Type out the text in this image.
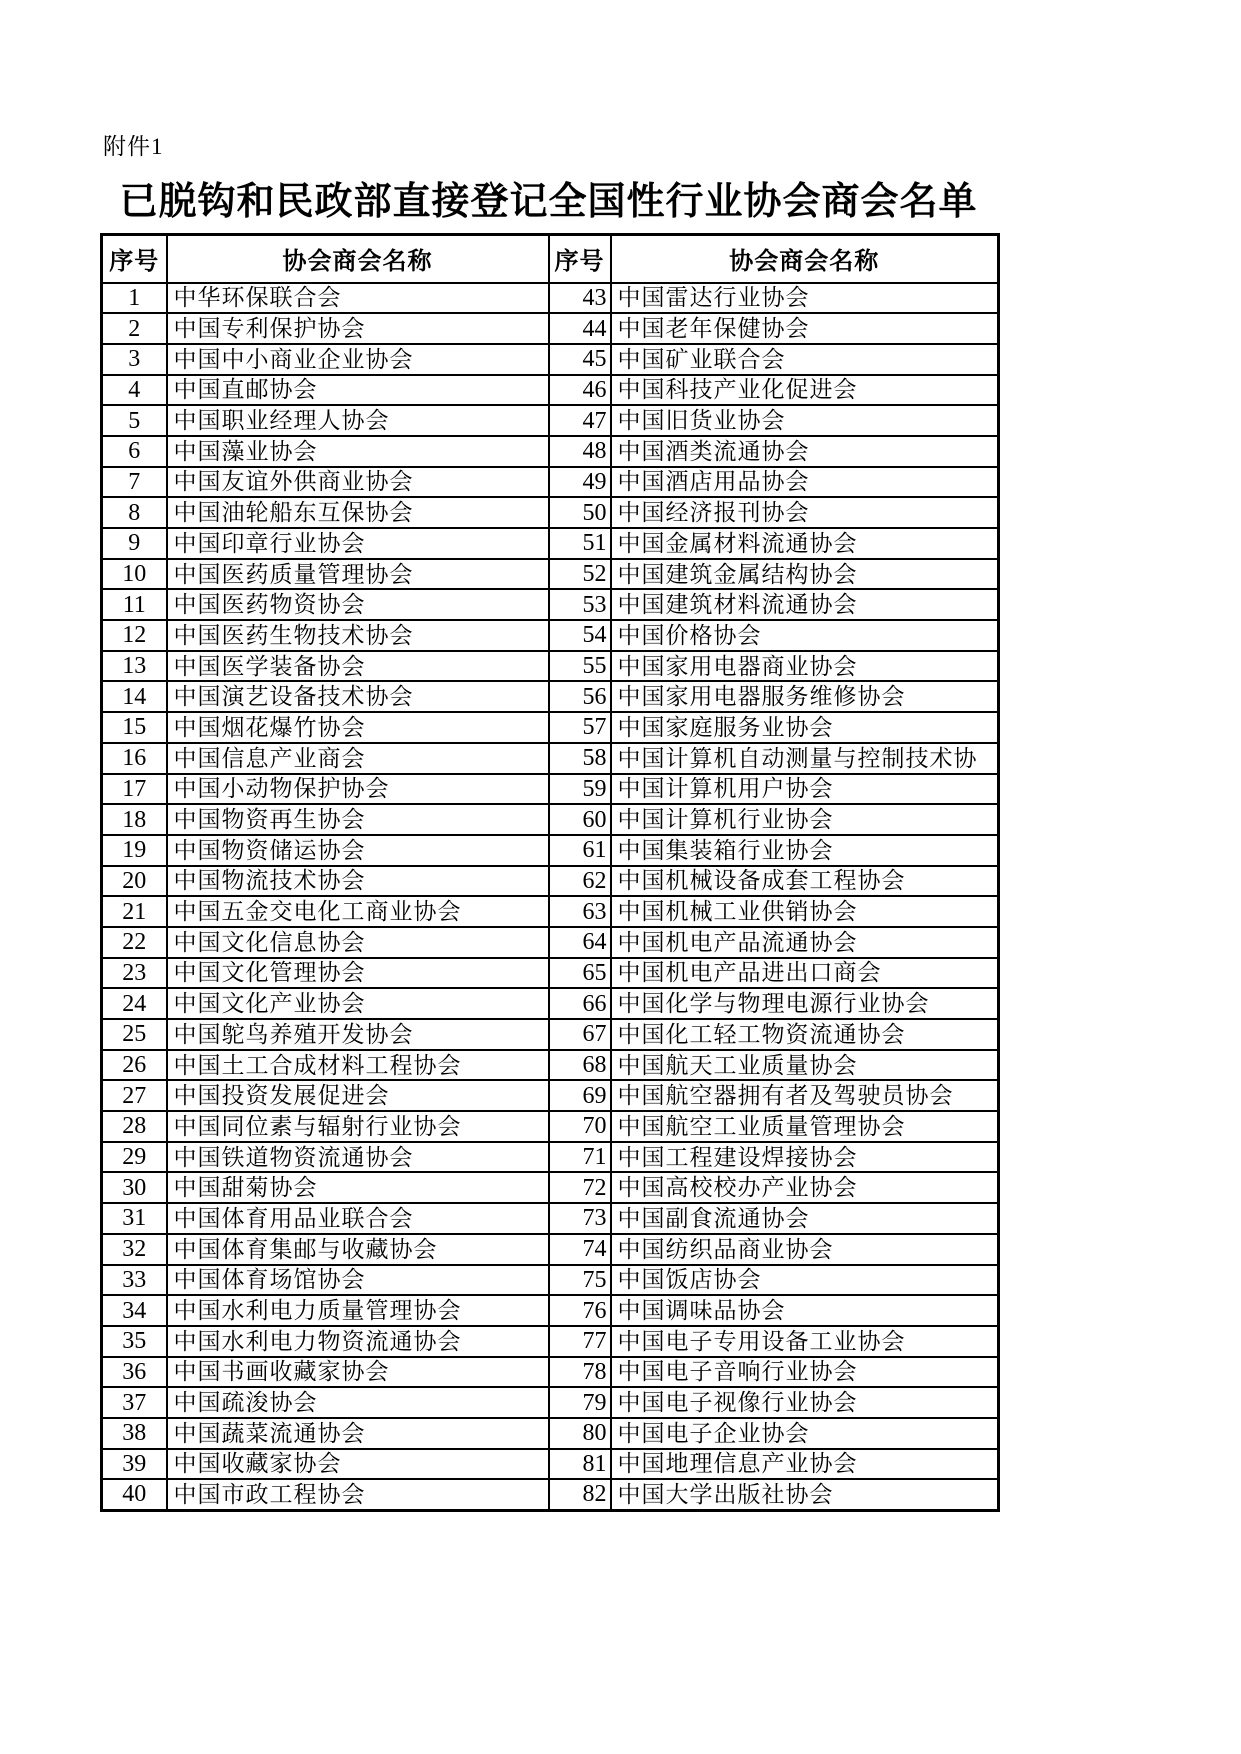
附件1
已脱钩和民政部直接登记全国性行业协会商会名单
序号	协会商会名称	序号	协会商会名称
1	中华环保联合会	43	中国雷达行业协会
2	中国专利保护协会	44	中国老年保健协会
3	中国中小商业企业协会	45	中国矿业联合会
4	中国直邮协会	46	中国科技产业化促进会
5	中国职业经理人协会	47	中国旧货业协会
6	中国藻业协会	48	中国酒类流通协会
7	中国友谊外供商业协会	49	中国酒店用品协会
8	中国油轮船东互保协会	50	中国经济报刊协会
9	中国印章行业协会	51	中国金属材料流通协会
10	中国医药质量管理协会	52	中国建筑金属结构协会
11	中国医药物资协会	53	中国建筑材料流通协会
12	中国医药生物技术协会	54	中国价格协会
13	中国医学装备协会	55	中国家用电器商业协会
14	中国演艺设备技术协会	56	中国家用电器服务维修协会
15	中国烟花爆竹协会	57	中国家庭服务业协会
16	中国信息产业商会	58	中国计算机自动测量与控制技术协
17	中国小动物保护协会	59	中国计算机用户协会
18	中国物资再生协会	60	中国计算机行业协会
19	中国物资储运协会	61	中国集装箱行业协会
20	中国物流技术协会	62	中国机械设备成套工程协会
21	中国五金交电化工商业协会	63	中国机械工业供销协会
22	中国文化信息协会	64	中国机电产品流通协会
23	中国文化管理协会	65	中国机电产品进出口商会
24	中国文化产业协会	66	中国化学与物理电源行业协会
25	中国鸵鸟养殖开发协会	67	中国化工轻工物资流通协会
26	中国土工合成材料工程协会	68	中国航天工业质量协会
27	中国投资发展促进会	69	中国航空器拥有者及驾驶员协会
28	中国同位素与辐射行业协会	70	中国航空工业质量管理协会
29	中国铁道物资流通协会	71	中国工程建设焊接协会
30	中国甜菊协会	72	中国高校校办产业协会
31	中国体育用品业联合会	73	中国副食流通协会
32	中国体育集邮与收藏协会	74	中国纺织品商业协会
33	中国体育场馆协会	75	中国饭店协会
34	中国水利电力质量管理协会	76	中国调味品协会
35	中国水利电力物资流通协会	77	中国电子专用设备工业协会
36	中国书画收藏家协会	78	中国电子音响行业协会
37	中国疏浚协会	79	中国电子视像行业协会
38	中国蔬菜流通协会	80	中国电子企业协会
39	中国收藏家协会	81	中国地理信息产业协会
40	中国市政工程协会	82	中国大学出版社协会
